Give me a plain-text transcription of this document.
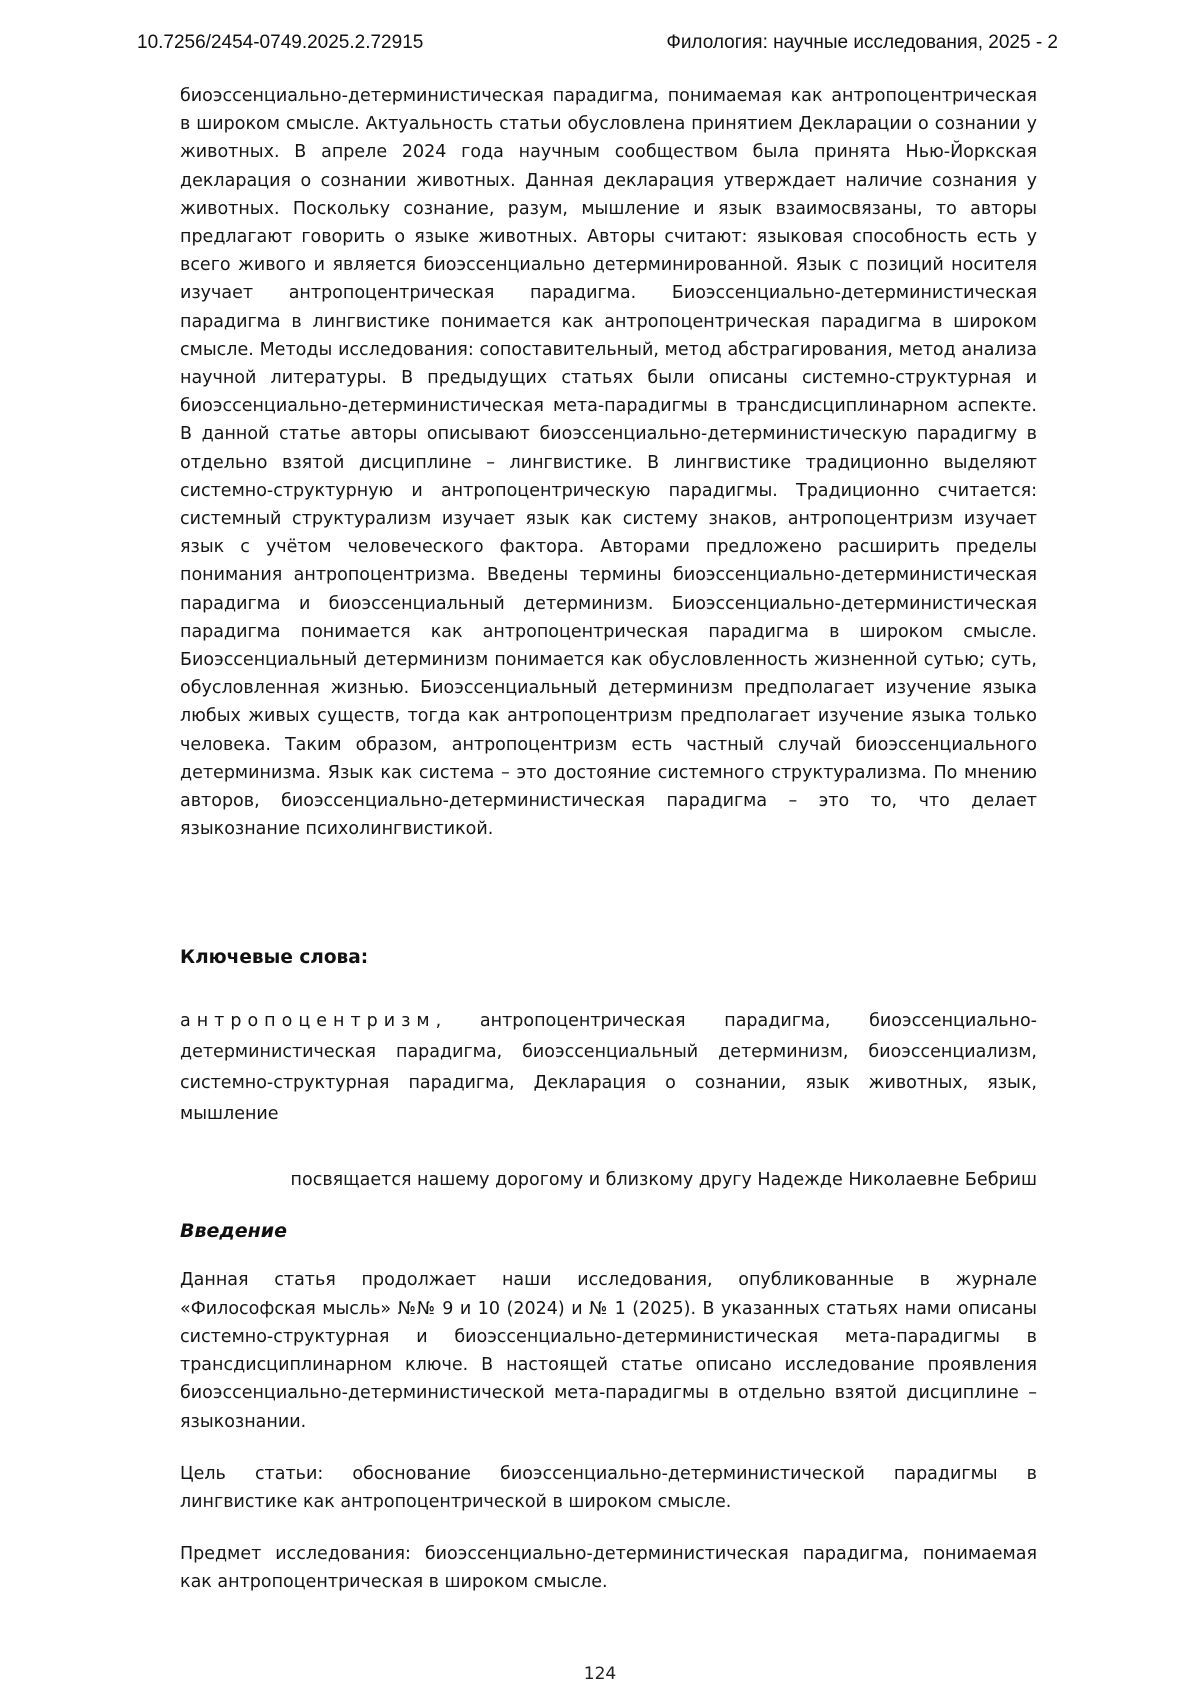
10.7256/2454-0749.2025.2.72915	Филология: научные исследования, 2025 - 2

биоэссенциально-детерминистическая парадигма, понимаемая как антропоцентрическая в широком смысле. Актуальность статьи обусловлена принятием Декларации о сознании у животных. В апреле 2024 года научным сообществом была принята Нью-Йоркская декларация о сознании животных. Данная декларация утверждает наличие сознания у животных. Поскольку сознание, разум, мышление и язык взаимосвязаны, то авторы предлагают говорить о языке животных. Авторы считают: языковая способность есть у всего живого и является биоэссенциально детерминированной. Язык с позиций носителя изучает антропоцентрическая парадигма. Биоэссенциально-детерминистическая парадигма в лингвистике понимается как антропоцентрическая парадигма в широком смысле. Методы исследования: сопоставительный, метод абстрагирования, метод анализа научной литературы. В предыдущих статьях были описаны системно-структурная и биоэссенциально-детерминистическая мета-парадигмы в трансдисциплинарном аспекте. В данной статье авторы описывают биоэссенциально-детерминистическую парадигму в отдельно взятой дисциплине – лингвистике. В лингвистике традиционно выделяют системно-структурную и антропоцентрическую парадигмы. Традиционно считается: системный структурализм изучает язык как систему знаков, антропоцентризм изучает язык с учётом человеческого фактора. Авторами предложено расширить пределы понимания антропоцентризма. Введены термины биоэссенциально-детерминистическая парадигма и биоэссенциальный детерминизм. Биоэссенциально-детерминистическая парадигма понимается как антропоцентрическая парадигма в широком смысле. Биоэссенциальный детерминизм понимается как обусловленность жизненной сутью; суть, обусловленная жизнью. Биоэссенциальный детерминизм предполагает изучение языка любых живых существ, тогда как антропоцентризм предполагает изучение языка только человека. Таким образом, антропоцентризм есть частный случай биоэссенциального детерминизма. Язык как система – это достояние системного структурализма. По мнению авторов, биоэссенциально-детерминистическая парадигма – это то, что делает языкознание психолингвистикой.

Ключевые слова:

антропоцентризм, антропоцентрическая парадигма, биоэссенциально-детерминистическая парадигма, биоэссенциальный детерминизм, биоэссенциализм, системно-структурная парадигма, Декларация о сознании, язык животных, язык, мышление

посвящается нашему дорогому и близкому другу Надежде Николаевне Бебриш

Введение

Данная статья продолжает наши исследования, опубликованные в журнале «Философская мысль» №№ 9 и 10 (2024) и № 1 (2025). В указанных статьях нами описаны системно-структурная и биоэссенциально-детерминистическая мета-парадигмы в трансдисциплинарном ключе. В настоящей статье описано исследование проявления биоэссенциально-детерминистической мета-парадигмы в отдельно взятой дисциплине – языкознании.

Цель статьи: обоснование биоэссенциально-детерминистической парадигмы в лингвистике как антропоцентрической в широком смысле.

Предмет исследования: биоэссенциально-детерминистическая парадигма, понимаемая как антропоцентрическая в широком смысле.

124
